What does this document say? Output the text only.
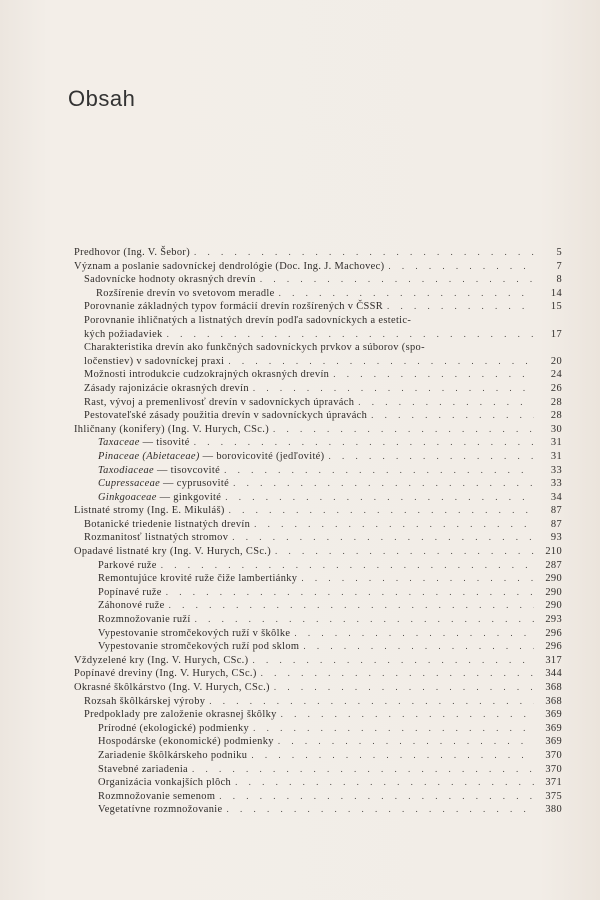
Obsah
Predhovor (Ing. V. Šebor) . . .	5
Význam a poslanie sadovníckej dendrológie (Doc. Ing. J. Machovec) . . .	7
Sadovnícke hodnoty okrasných drevín . . .	8
Rozšírenie drevín vo svetovom meradle . . .	14
Porovnanie základných typov formácií drevín rozšírených v ČSSR . . .	15
Porovnanie ihličnatých a listnatých drevín podľa sadovníckych a estetic-
kých požiadaviek . . .	17
Charakteristika drevín ako funkčných sadovníckych prvkov a súborov (spo-
ločenstiev) v sadovníckej praxi . . .	20
Možnosti introdukcie cudzokrajných okrasných drevín . . .	24
Zásady rajonizácie okrasných drevín . . .	26
Rast, vývoj a premenlivosť drevín v sadovníckych úpravách . . .	28
Pestovateľské zásady použitia drevín v sadovníckych úpravách . . .	28
Ihličnany (konifery) (Ing. V. Hurych, CSc.) . . .	30
Taxaceae — tisovité . . .	31
Pinaceae (Abietaceae) — borovicovité (jedľovité) . . .	31
Taxodiaceae — tisovcovité . . .	33
Cupressaceae — cyprusovité . . .	33
Ginkgoaceae — ginkgovité . . .	34
Listnaté stromy (Ing. E. Mikuláš) . . .	87
Botanické triedenie listnatých drevín . . .	87
Rozmanitosť listnatých stromov . . .	93
Opadavé listnaté kry (Ing. V. Hurych, CSc.) . . .	210
Parkové ruže . . .	287
Remontujúce krovité ruže čiže lambertiánky . . .	290
Popínavé ruže . . .	290
Záhonové ruže . . .	290
Rozmnožovanie ruží . . .	293
Vypestovanie stromčekových ruží v škôlke . . .	296
Vypestovanie stromčekových ruží pod sklom . . .	296
Vždyzelené kry (Ing. V. Hurych, CSc.) . . .	317
Popínavé dreviny (Ing. V. Hurych, CSc.) . . .	344
Okrasné škôlkárstvo (Ing. V. Hurych, CSc.) . . .	368
Rozsah škôlkárskej výroby . . .	368
Predpoklady pre založenie okrasnej škôlky . . .	369
Prírodné (ekologické) podmienky . . .	369
Hospodárske (ekonomické) podmienky . . .	369
Zariadenie škôlkárskeho podniku . . .	370
Stavebné zariadenia . . .	370
Organizácia vonkajších plôch . . .	371
Rozmnožovanie semenom . . .	375
Vegetatívne rozmnožovanie . . .	380
